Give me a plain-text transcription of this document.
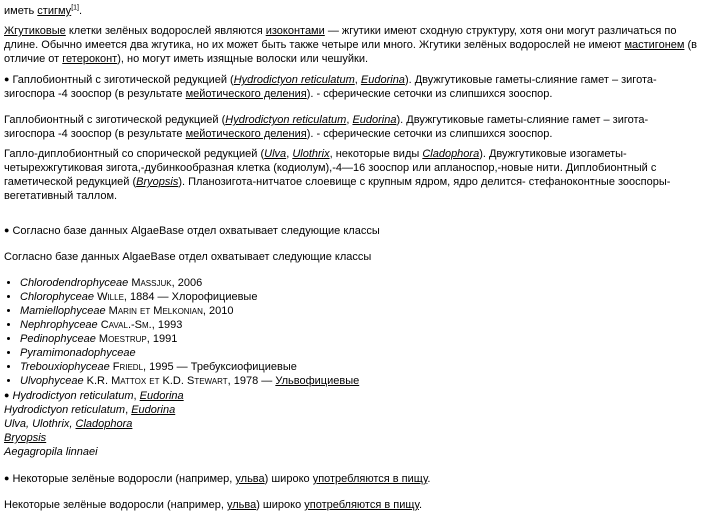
иметь стигму[1].

Жгутиковые клетки зелёных водорослей являются изоконтами — жгутики имеют сходную структуру, хотя они могут различаться по длине. Обычно имеется два жгутика, но их может быть также четыре или много. Жгутики зелёных водорослей не имеют мастигонем (в отличие от гетероконт), но могут иметь изящные волоски или чешуйки.

● Гаплобионтный с зиготической редукцией (Hydrodictyon reticulatum, Eudorina). Двужгутиковые гаметы-слияние гамет – зигота- зигоспора -4 зооспор (в результате мейотического деления). - сферические сеточки из слипшихся зооспор.

Гаплобионтный с зиготической редукцией (Hydrodictyon reticulatum, Eudorina). Двужгутиковые гаметы-слияние гамет – зигота- зигоспора -4 зооспор (в результате мейотического деления). - сферические сеточки из слипшихся зооспор.

Гапло-диплобионтный со спорической редукцией (Ulva, Ulothrix, некоторые виды Cladophora). Двужгутиковые изогаметы- четырехжгутиковая зигота,-дубинкообразная клетка (кодиолум),-4—16 зооспор или апланоспор,-новые нити. Диплобионтный с гаметической редукцией (Bryopsis). Планозигота-нитчатое слоевище с крупным ядром, ядро делится- стефаноконтные зооспоры- вегетативный таллом.

● Согласно базе данных AlgaeBase отдел охватывает следующие классы

Согласно базе данных AlgaeBase отдел охватывает следующие классы

• Chlorodendrophyceae Massjuk, 2006
• Chlorophyceae Wille, 1884 — Хлорофициевые
• Mamiellophyceae Marin et Melkonian, 2010
• Nephrophyceae Caval.-Sm., 1993
• Pedinophyceae Moestrup, 1991
• Pyramimonadophyceae
• Trebouxiophyceae Friedl, 1995 — Требуксиофициевые
• Ulvophyceae K.R. Mattox et K.D. Stewart, 1978 — Ульвофициевые

● Hydrodictyon reticulatum, Eudorina

Hydrodictyon reticulatum, Eudorina

Ulva, Ulothrix, Cladophora

Bryopsis

Aegagropila linnaei

● Некоторые зелёные водоросли (например, ульва) широко употребляются в пищу.

Некоторые зелёные водоросли (например, ульва) широко употребляются в пищу.
